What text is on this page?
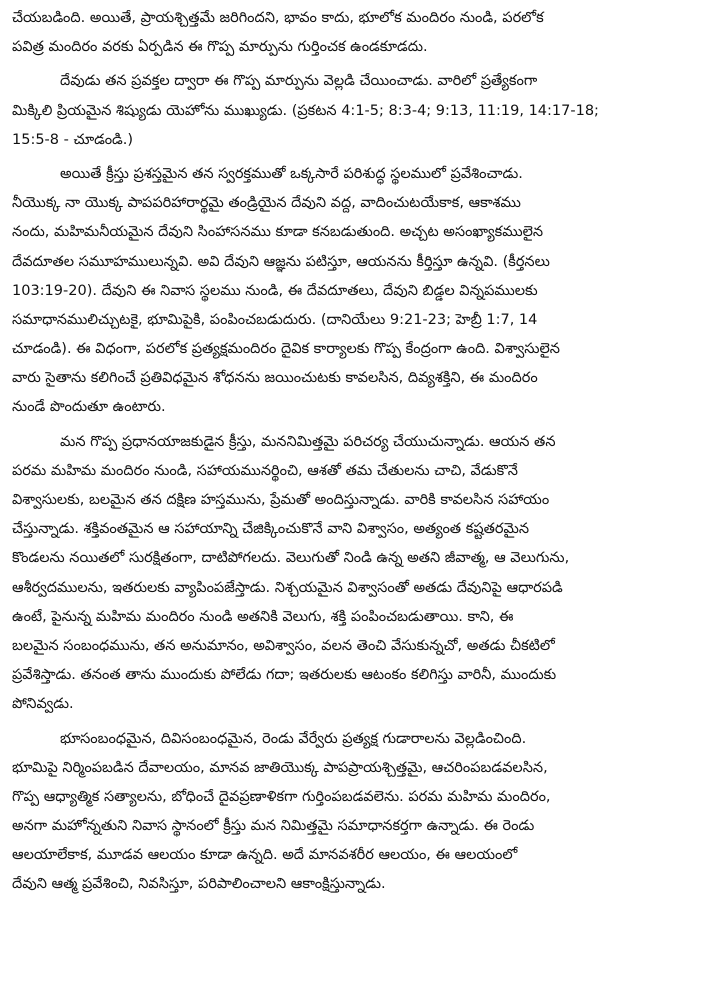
చేయబడింది. అయితే, ప్రాయశ్చిత్తమే జరిగిందని, భావం కాదు, భూలోక మందిరం నుండి, పరలోక
పవిత్ర మందిరం వరకు ఏర్పడిన ఈ గొప్ప మార్పును గుర్తించక ఉండకూడదు.
దేవుడు తన ప్రవక్తల ద్వారా ఈ గొప్ప మార్పును వెల్లడి చేయించాడు. వారిలో ప్రత్యేకంగా
మిక్కిలి ప్రియమైన శిష్యుడు యెహోను ముఖ్యుడు. (ప్రకటన 4:1-5; 8:3-4; 9:13, 11:19, 14:17-18;
15:5-8 - చూడండి.)
అయితే క్రీస్తు ప్రశస్తమైన తన స్వరక్తముతో ఒక్కసారే పరిశుద్ధ స్థలములో ప్రవేశించాడు.
నీయొక్క నా యొక్క పాపపరిహారార్థమై తండ్రియైన దేవుని వద్ద, వాదించుటయేకాక, ఆకాశము
నందు, మహిమనీయమైన దేవుని సింహాసనము కూడా కనబడుతుంది. అచ్చట అసంఖ్యాకములైన
దేవదూతల సమూహములున్నవి. అవి దేవుని ఆజ్ఞను పటిస్తూ, ఆయనను కీర్తిస్తూ ఉన్నవి. (కీర్తనలు
103:19-20). దేవుని ఈ నివాస స్థలము నుండి, ఈ దేవదూతలు, దేవుని బిడ్డల విన్నపములకు
సమాధానములిచ్చుటకై, భూమిపైకి, పంపించబడుదురు. (దానియేలు 9:21-23; హెబ్రీ 1:7, 14
చూడండి). ఈ విధంగా, పరలోక ప్రత్యక్షమందిరం దైవిక కార్యాలకు గొప్ప కేంద్రంగా ఉంది. విశ్వాసులైన
వారు సైతాను కలిగించే ప్రతివిధమైన శోధనను జయించుటకు కావలసిన, దివ్యశక్తిని, ఈ మందిరం
నుండే పొందుతూ ఉంటారు.
మన గొప్ప ప్రధానయాజకుడైన క్రీస్తు, మననిమిత్తమై పరిచర్య చేయుచున్నాడు. ఆయన తన
పరమ మహిమ మందిరం నుండి, సహాయమునర్థించి, ఆశతో తమ చేతులను చాచి, వేడుకొనే
విశ్వాసులకు, బలమైన తన దక్షిణ హస్తమును, ప్రేమతో అందిస్తున్నాడు. వారికి కావలసిన సహాయం
చేస్తున్నాడు. శక్తివంతమైన ఆ సహాయాన్ని చేజిక్కించుకొనే వాని విశ్వాసం, అత్యంత కష్టతరమైన
కొండలను నయితలో సురక్షితంగా, దాటిపోగలదు. వెలుగుతో నిండి ఉన్న అతని జీవాత్మ, ఆ వెలుగును,
ఆశీర్వదములను, ఇతరులకు వ్యాపింపజేస్తాడు. నిశ్చయమైన విశ్వాసంతో అతడు దేవునిపై ఆధారపడి
ఉంటే, పైనున్న మహిమ మందిరం నుండి అతనికి వెలుగు, శక్తి పంపించబడుతాయి. కాని, ఈ
బలమైన సంబంధమును, తన అనుమానం, అవిశ్వాసం, వలన తెంచి వేసుకున్నచో, అతడు చీకటిలో
ప్రవేశిస్తాడు. తనంత తాను ముందుకు పోలేడు గదా; ఇతరులకు ఆటంకం కలిగిస్తు వారినీ, ముందుకు
పోనివ్వడు.
భూసంబంధమైన, దివిసంబంధమైన, రెండు వేర్వేరు ప్రత్యక్ష గుడారాలను వెల్లడించింది.
భూమిపై నిర్మింపబడిన దేవాలయం, మానవ జాతియొక్క పాపప్రాయశ్చిత్తమై, ఆచరింపబడవలసిన,
గొప్ప ఆధ్యాత్మిక సత్యాలను, బోధించే దైవప్రణాళికగా గుర్తింపబడవలెను. పరమ మహిమ మందిరం,
అనగా మహోన్నతుని నివాస స్థానంలో క్రీస్తు మన నిమిత్తమై సమాధానకర్తగా ఉన్నాడు. ఈ రెండు
ఆలయాలేకాక, మూడవ ఆలయం కూడా ఉన్నది. అదే మానవశరీర ఆలయం, ఈ ఆలయంలో
దేవుని ఆత్మ ప్రవేశించి, నివసిస్తూ, పరిపాలించాలని ఆకాంక్షిస్తున్నాడు.
